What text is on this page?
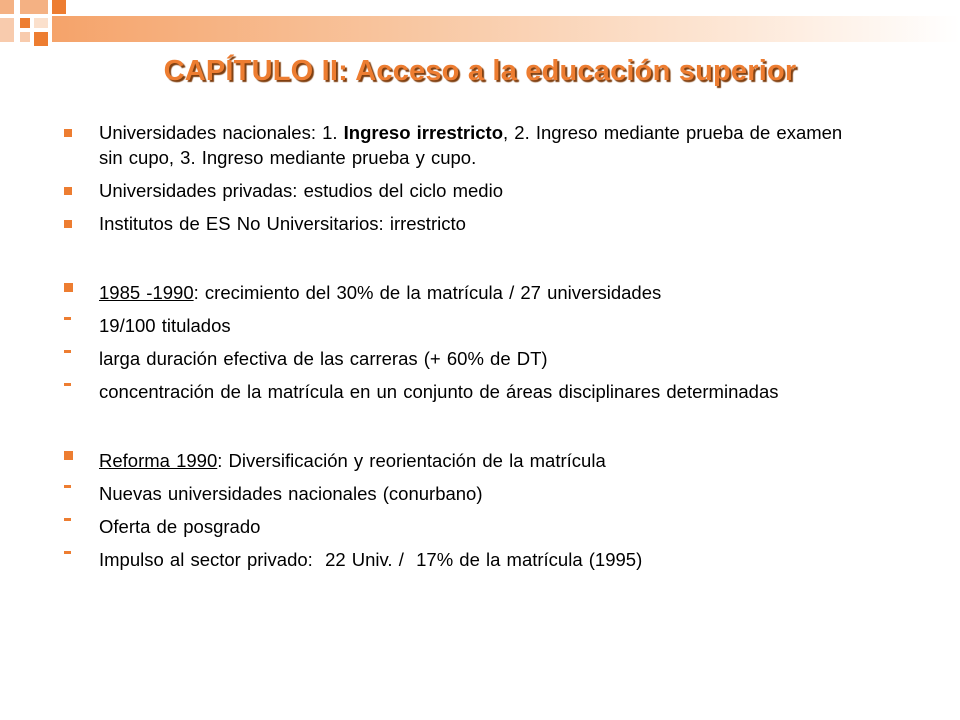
CAPÍTULO II: Acceso a la educación superior
Universidades nacionales: 1. Ingreso irrestricto, 2. Ingreso mediante prueba de examen sin cupo, 3. Ingreso mediante prueba y cupo.
Universidades privadas: estudios del ciclo medio
Institutos de ES No Universitarios: irrestricto
1985 -1990: crecimiento del 30% de la matrícula / 27 universidades
19/100 titulados
larga duración efectiva de las carreras (+ 60% de DT)
concentración de la matrícula en un conjunto de áreas disciplinares determinadas
Reforma 1990: Diversificación y reorientación de la matrícula
Nuevas universidades nacionales (conurbano)
Oferta de posgrado
Impulso al sector privado:  22 Univ. /  17% de la matrícula (1995)
